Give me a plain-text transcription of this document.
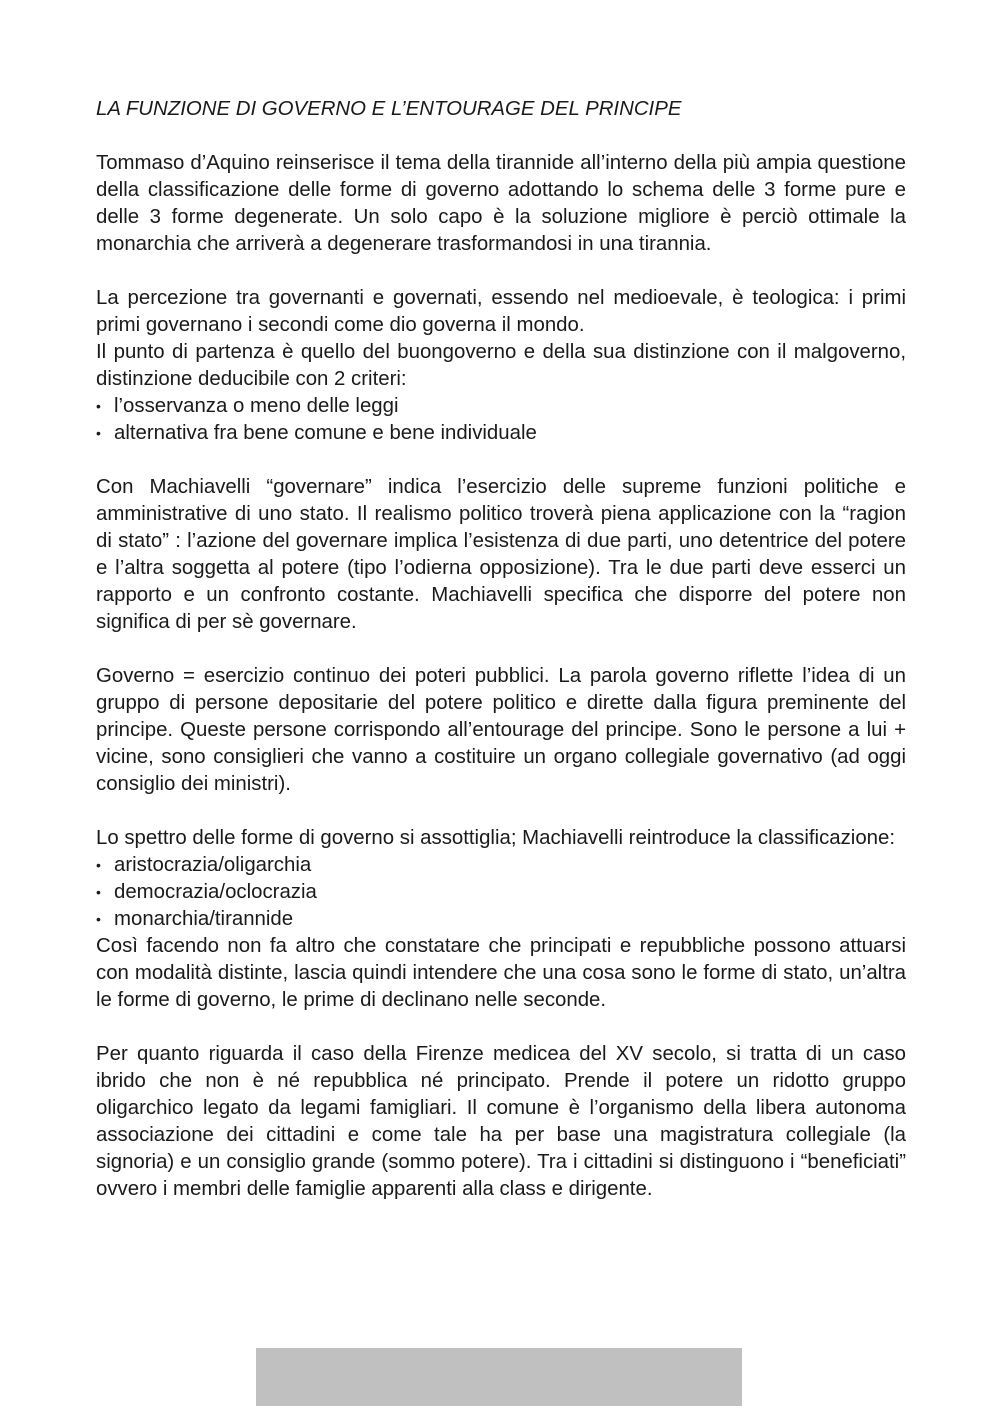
LA FUNZIONE DI GOVERNO E L’ENTOURAGE DEL PRINCIPE

Tommaso d’Aquino reinserisce il tema della tirannide all’interno della più ampia questione della classificazione delle forme di governo adottando lo schema delle 3 forme pure e delle 3 forme degenerate. Un solo capo è la soluzione migliore è perciò ottimale la monarchia che arriverà a degenerare trasformandosi in una tirannia.

La percezione tra governanti e governati, essendo nel medioevale, è teologica: i primi primi governano i secondi come dio governa il mondo.

Il punto di partenza è quello del buongoverno e della sua distinzione con il malgoverno, distinzione deducibile con 2 criteri:

• l’osservanza o meno delle leggi
• alternativa fra bene comune e bene individuale

Con Machiavelli “governare” indica l’esercizio delle supreme funzioni politiche e amministrative di uno stato. Il realismo politico troverà piena applicazione con la “ragion di stato” : l’azione del governare implica l’esistenza di due parti, uno detentrice del potere e l’altra soggetta al potere (tipo l’odierna opposizione). Tra le due parti deve esserci un rapporto e un confronto costante. Machiavelli specifica che disporre del potere non significa di per sè governare.

Governo = esercizio continuo dei poteri pubblici. La parola governo riflette l’idea di un gruppo di persone depositarie del potere politico e dirette dalla figura preminente del principe. Queste persone corrispondo all’entourage del principe. Sono le persone a lui + vicine, sono consiglieri che vanno a costituire un organo collegiale governativo (ad oggi consiglio dei ministri).

Lo spettro delle forme di governo si assottiglia; Machiavelli reintroduce la classificazione:

• aristocrazia/oligarchia
• democrazia/oclocrazia
• monarchia/tirannide

Così facendo non fa altro che constatare che principati e repubbliche possono attuarsi con modalità distinte, lascia quindi intendere che una cosa sono le forme di stato, un’altra le forme di governo, le prime di declinano nelle seconde.

Per quanto riguarda il caso della Firenze medicea del XV secolo, si tratta di un caso ibrido che non è né repubblica né principato. Prende il potere un ridotto gruppo oligarchico legato da legami famigliari. Il comune è l’organismo della libera autonoma associazione dei cittadini e come tale ha per base una magistratura collegiale (la signoria) e un consiglio grande (sommo potere). Tra i cittadini si distinguono i “beneficiati” ovvero i membri delle famiglie apparenti alla class e dirigente.
